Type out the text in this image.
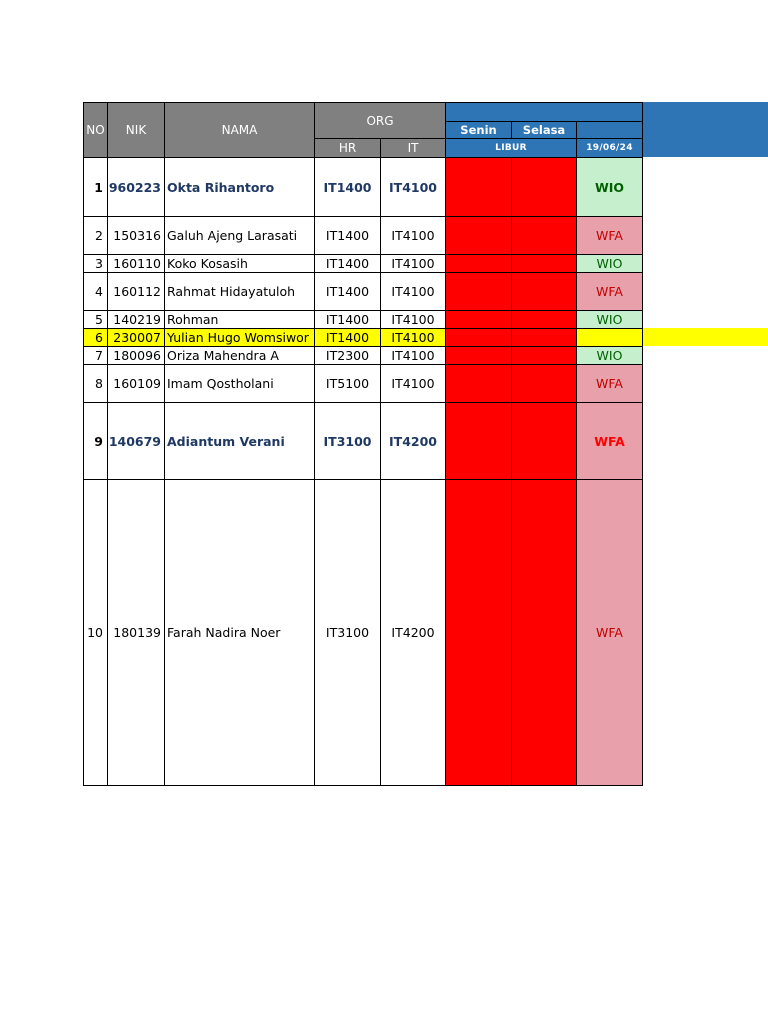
NO	NIK	NAMA	ORG				
					Senin	Selasa	
			HR	IT	LIBUR		19/06/24
1	960223	Okta Rihantoro	IT1400	IT4100			WIO
2	150316	Galuh Ajeng Larasati	IT1400	IT4100			WFA
3	160110	Koko Kosasih	IT1400	IT4100			WIO
4	160112	Rahmat Hidayatuloh	IT1400	IT4100			WFA
5	140219	Rohman	IT1400	IT4100			WIO
6	230007	Yulian Hugo Womsiwor	IT1400	IT4100			
7	180096	Oriza Mahendra A	IT2300	IT4100			WIO
8	160109	Imam Qostholani	IT5100	IT4100			WFA
9	140679	Adiantum Verani	IT3100	IT4200			WFA
10	180139	Farah Nadira Noer	IT3100	IT4200			WFA
